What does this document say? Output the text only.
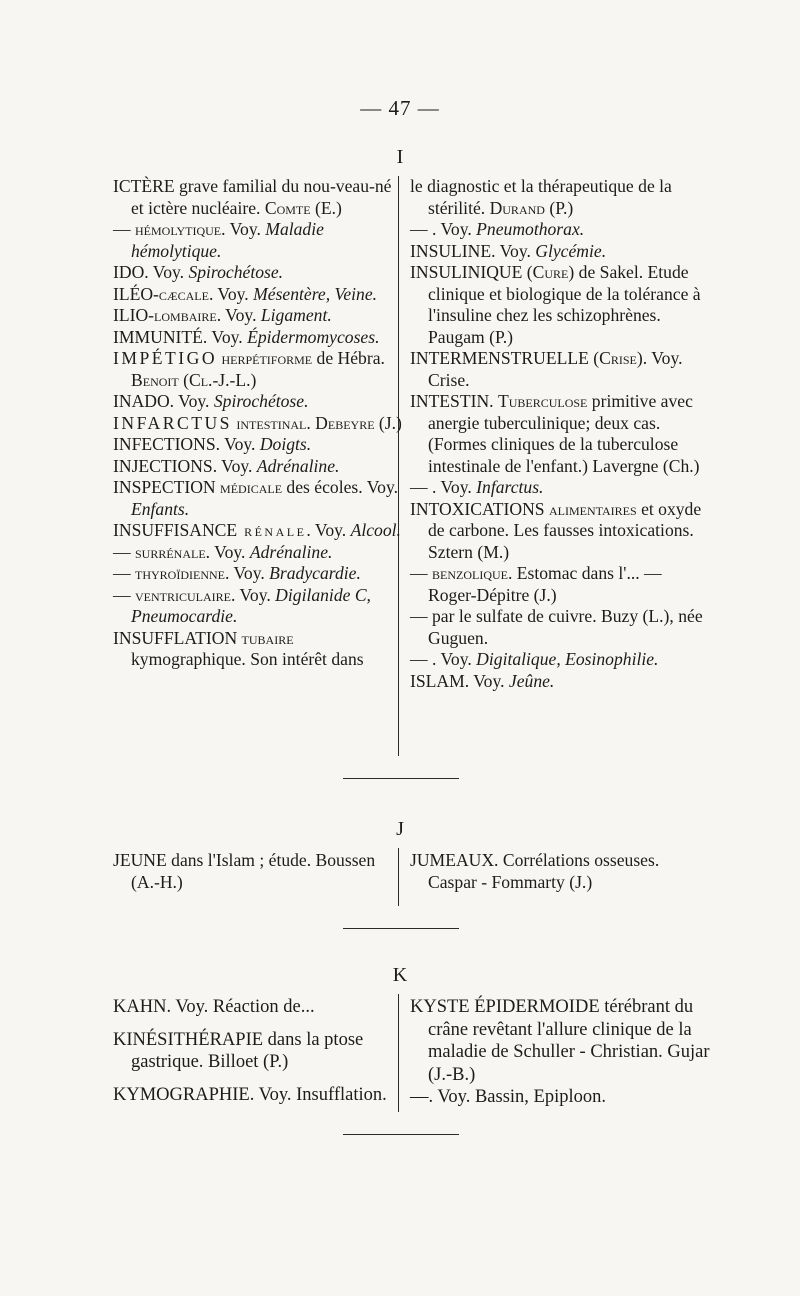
— 47 —
I

ICTÈRE grave familial du nou-veau-né et ictère nucléaire. Comte (E.)

— hémolytique. Voy. Maladie hémolytique.

IDO. Voy. Spirochétose.

ILÉO-cæcale. Voy. Mésentère, Veine.

ILIO-lombaire. Voy. Ligament.

IMMUNITÉ. Voy. Épidermomycoses.

IMPÉTIGO herpétiforme de Hébra. Benoit (Cl.-J.-L.)

INADO. Voy. Spirochétose.

INFARCTUS intestinal. Debeyre (J.)

INFECTIONS. Voy. Doigts.

INJECTIONS. Voy. Adrénaline.

INSPECTION médicale des écoles. Voy. Enfants.

INSUFFISANCE rénale. Voy. Alcool.

— surrénale. Voy. Adrénaline.

— thyroïdienne. Voy. Bradycardie.

— ventriculaire. Voy. Digilanide C, Pneumocardie.

INSUFFLATION tubaire kymographique. Son intérêt dans

le diagnostic et la thérapeutique de la stérilité. Durand (P.)

— . Voy. Pneumothorax.

INSULINE. Voy. Glycémie.

INSULINIQUE (Cure) de Sakel. Etude clinique et biologique de la tolérance à l'insuline chez les schizophrènes. Paugam (P.)

INTERMENSTRUELLE (Crise). Voy. Crise.

INTESTIN. Tuberculose primitive avec anergie tuberculinique; deux cas. (Formes cliniques de la tuberculose intestinale de l'enfant.) Lavergne (Ch.)

— . Voy. Infarctus.

INTOXICATIONS alimentaires et oxyde de carbone. Les fausses intoxications. Sztern (M.)

— benzolique. Estomac dans l'... — Roger-Dépitre (J.)

— par le sulfate de cuivre. Buzy (L.), née Guguen.

— . Voy. Digitalique, Eosinophilie.

ISLAM. Voy. Jeûne.

J

JEUNE dans l'Islam ; étude. Boussen (A.-H.)

JUMEAUX. Corrélations osseuses. Caspar - Fommarty (J.)

K

KAHN. Voy. Réaction de...

KINÉSITHÉRAPIE dans la ptose gastrique. Billoet (P.)

KYMOGRAPHIE. Voy. Insufflation.

KYSTE ÉPIDERMOIDE térébrant du crâne revêtant l'allure clinique de la maladie de Schuller - Christian. Gujar (J.-B.)

—. Voy. Bassin, Epiploon.
